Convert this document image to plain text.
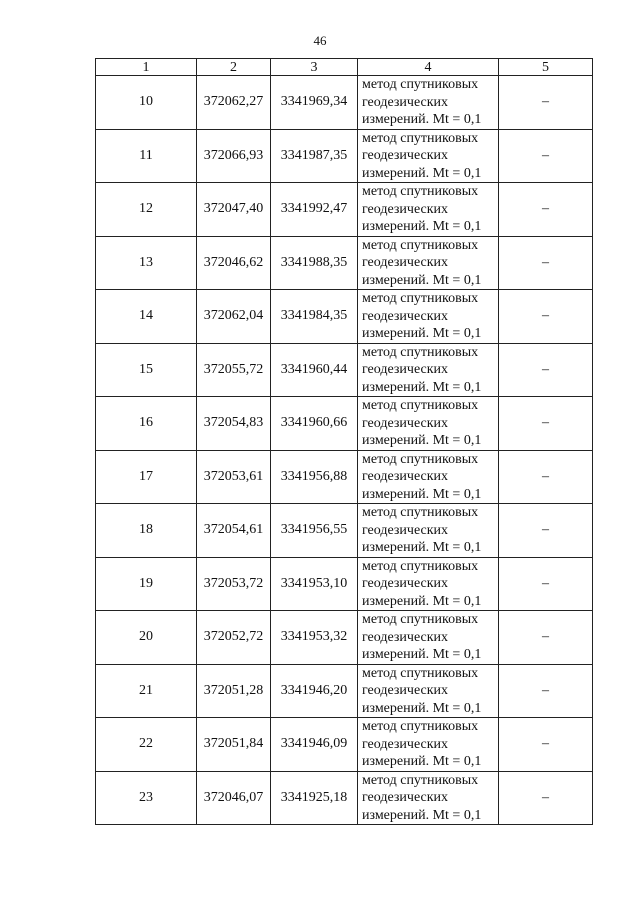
46
1	2	3	4	5
10	372062,27	3341969,34	метод спутниковых геодезических измерений. Mt = 0,1	–
11	372066,93	3341987,35	метод спутниковых геодезических измерений. Mt = 0,1	–
12	372047,40	3341992,47	метод спутниковых геодезических измерений. Mt = 0,1	–
13	372046,62	3341988,35	метод спутниковых геодезических измерений. Mt = 0,1	–
14	372062,04	3341984,35	метод спутниковых геодезических измерений. Mt = 0,1	–
15	372055,72	3341960,44	метод спутниковых геодезических измерений. Mt = 0,1	–
16	372054,83	3341960,66	метод спутниковых геодезических измерений. Mt = 0,1	–
17	372053,61	3341956,88	метод спутниковых геодезических измерений. Mt = 0,1	–
18	372054,61	3341956,55	метод спутниковых геодезических измерений. Mt = 0,1	–
19	372053,72	3341953,10	метод спутниковых геодезических измерений. Mt = 0,1	–
20	372052,72	3341953,32	метод спутниковых геодезических измерений. Mt = 0,1	–
21	372051,28	3341946,20	метод спутниковых геодезических измерений. Mt = 0,1	–
22	372051,84	3341946,09	метод спутниковых геодезических измерений. Mt = 0,1	–
23	372046,07	3341925,18	метод спутниковых геодезических измерений. Mt = 0,1	–
